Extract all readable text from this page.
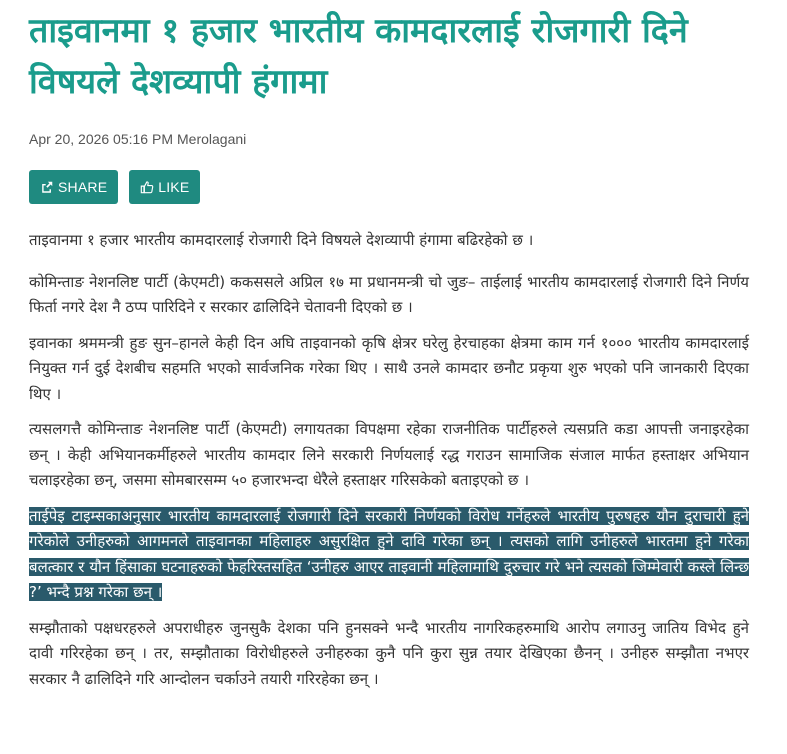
ताइवानमा १ हजार भारतीय कामदारलाई रोजगारी दिने विषयले देशव्यापी हंगामा
Apr 20, 2026 05:16 PM Merolagani
SHARE	LIKE

ताइवानमा १ हजार भारतीय कामदारलाई रोजगारी दिने विषयले देशव्यापी हंगामा बढिरहेको छ ।

कोमिन्ताङ नेशनलिष्ट पार्टी (केएमटी) ककससले अप्रिल १७ मा प्रधानमन्त्री चो जुङ– ताईलाई भारतीय कामदारलाई रोजगारी दिने निर्णय फिर्ता नगरे देश नै ठप्प पारिदिने र सरकार ढालिदिने चेतावनी दिएको छ ।

इवानका श्रममन्त्री हुङ सुन–हानले केही दिन अघि ताइवानको कृषि क्षेत्रर घरेलु हेरचाहका क्षेत्रमा काम गर्न १००० भारतीय कामदारलाई नियुक्त गर्न दुई देशबीच सहमति भएको सार्वजनिक गरेका थिए । साथै उनले कामदार छनौट प्रकृया शुरु भएको पनि जानकारी दिएका थिए ।

त्यसलगत्तै कोमिन्ताङ नेशनलिष्ट पार्टी (केएमटी) लगायतका विपक्षमा रहेका राजनीतिक पार्टीहरुले त्यसप्रति कडा आपत्ती जनाइरहेका छन् । केही अभियानकर्मीहरुले भारतीय कामदार लिने सरकारी निर्णयलाई रद्ध गराउन सामाजिक संजाल मार्फत हस्ताक्षर अभियान चलाइरहेका छन्, जसमा सोमबारसम्म ५० हजारभन्दा धेरैले हस्ताक्षर गरिसकेको बताइएको छ ।

ताईपेइ टाइम्सकाअनुसार भारतीय कामदारलाई रोजगारी दिने सरकारी निर्णयको विरोध गर्नेहरुले भारतीय पुरुषहरु यौन दुराचारी हुने गरेकोले उनीहरुको आगमनले ताइवानका महिलाहरु असुरक्षित हुने दावि गरेका छन् । त्यसको लागि उनीहरुले भारतमा हुने गरेका बलत्कार र यौन हिंसाका घटनाहरुको फेहरिस्तसहित ‘उनीहरु आएर ताइवानी महिलामाथि दुरुचार गरे भने त्यसको जिम्मेवारी कस्ले लिन्छ ?’ भन्दै प्रश्न गरेका छन् ।

सम्झौताको पक्षधरहरुले अपराधीहरु जुनसुकै देशका पनि हुनसक्ने भन्दै भारतीय नागरिकहरुमाथि आरोप लगाउनु जातिय विभेद हुने दावी गरिरहेका छन् । तर, सम्झौताका विरोधीहरुले उनीहरुका कुनै पनि कुरा सुन्न तयार देखिएका छैनन् । उनीहरु सम्झौता नभएर सरकार नै ढालिदिने गरि आन्दोलन चर्काउने तयारी गरिरहेका छन् ।
